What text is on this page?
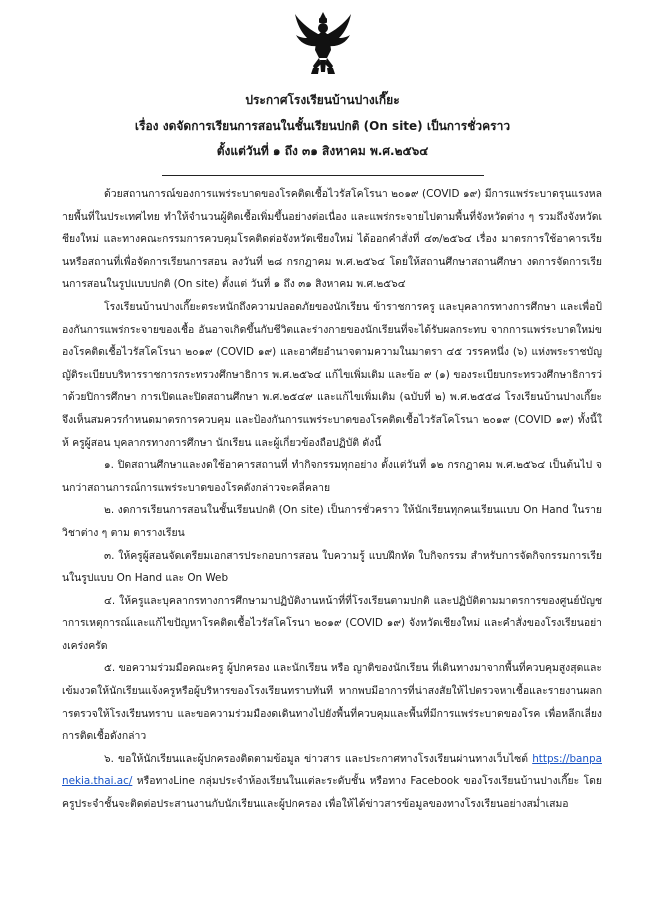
ประกาศโรงเรียนบ้านปางเกี๊ยะ
เรื่อง งดจัดการเรียนการสอนในชั้นเรียนปกติ (On site) เป็นการชั่วคราว
ตั้งแต่วันที่ ๑ ถึง ๓๑ สิงหาคม พ.ศ.๒๕๖๔

ด้วยสถานการณ์ของการแพร่ระบาดของโรคติดเชื้อไวรัสโคโรนา ๒๐๑๙ (COVID ๑๙) มีการแพร่ระบาดรุนแรงหลายพื้นที่ในประเทศไทย ทำให้จำนวนผู้ติดเชื้อเพิ่มขึ้นอย่างต่อเนื่อง และแพร่กระจายไปตามพื้นที่จังหวัดต่าง ๆ รวมถึงจังหวัดเชียงใหม่ และทางคณะกรรมการควบคุมโรคติดต่อจังหวัดเชียงใหม่ ได้ออกคำสั่งที่ ๔๓/๒๕๖๔ เรื่อง มาตรการใช้อาคารเรียนหรือสถานที่เพื่อจัดการเรียนการสอน ลงวันที่ ๒๘ กรกฎาคม พ.ศ.๒๕๖๔ โดยให้สถานศึกษาสถานศึกษา งดการจัดการเรียนการสอนในรูปแบบปกติ (On site) ตั้งแต่ วันที่ ๑ ถึง ๓๑ สิงหาคม พ.ศ.๒๕๖๔

โรงเรียนบ้านปางเกี๊ยะตระหนักถึงความปลอดภัยของนักเรียน ข้าราชการครู และบุคลากรทางการศึกษา และเพื่อป้องกันการแพร่กระจายของเชื้อ อันอาจเกิดขึ้นกับชีวิตและร่างกายของนักเรียนที่จะได้รับผลกระทบ จากการแพร่ระบาดใหม่ของโรคติดเชื้อไวรัสโคโรนา ๒๐๑๙ (COVID ๑๙) และอาศัยอำนาจตามความในมาตรา ๔๕ วรรคหนึ่ง (๖) แห่งพระราชบัญญัติระเบียบบริหารราชการกระทรวงศึกษาธิการ พ.ศ.๒๕๖๔ แก้ไขเพิ่มเติม และข้อ ๙ (๑) ของระเบียบกระทรวงศึกษาธิการว่าด้วยปิการศึกษา การเปิดและปิดสถานศึกษา พ.ศ.๒๕๔๙ และแก้ไขเพิ่มเติม (ฉบับที่ ๒) พ.ศ.๒๕๕๘ โรงเรียนบ้านปางเกี๊ยะ จึงเห็นสมควรกำหนดมาตรการควบคุม และป้องกันการแพร่ระบาดของโรคติดเชื้อไวรัสโคโรนา ๒๐๑๙ (COVID ๑๙) ทั้งนี้ให้ ครูผู้สอน บุคลากรทางการศึกษา นักเรียน และผู้เกี่ยวข้องถือปฏิบัติ ดังนี้

๑. ปิดสถานศึกษาและงดใช้อาคารสถานที่ ทำกิจกรรมทุกอย่าง ตั้งแต่วันที่ ๑๒ กรกฎาคม พ.ศ.๒๕๖๔ เป็นต้นไป จนกว่าสถานการณ์การแพร่ระบาดของโรคดังกล่าวจะคลี่คลาย

๒. งดการเรียนการสอนในชั้นเรียนปกติ (On site) เป็นการชั่วคราว ให้นักเรียนทุกคนเรียนแบบ On Hand ในรายวิชาต่าง ๆ ตาม ตารางเรียน

๓. ให้ครูผู้สอนจัดเตรียมเอกสารประกอบการสอน ใบความรู้ แบบฝึกหัด ใบกิจกรรม สำหรับการจัดกิจกรรมการเรียนในรูปแบบ On Hand และ On Web

๔. ให้ครูและบุคลากรทางการศึกษามาปฏิบัติงานหน้าที่ที่โรงเรียนตามปกติ และปฏิบัติตามมาตรการของศูนย์บัญชาการเหตุการณ์และแก้ไขปัญหาโรคติดเชื้อไวรัสโคโรนา ๒๐๑๙ (COVID ๑๙) จังหวัดเชียงใหม่ และคำสั่งของโรงเรียนอย่างเคร่งครัด

๕. ขอความร่วมมือคณะครู ผู้ปกครอง และนักเรียน หรือ ญาติของนักเรียน ที่เดินทางมาจากพื้นที่ควบคุมสูงสุดและเข้มงวดให้นักเรียนแจ้งครูหรือผู้บริหารของโรงเรียนทราบทันที หากพบมีอาการที่น่าสงสัยให้ไปตรวจหาเชื้อและรายงานผลการตรวจให้โรงเรียนทราบ และขอความร่วมมืองดเดินทางไปยังพื้นที่ควบคุมและพื้นที่มีการแพร่ระบาดของโรค เพื่อหลีกเลี่ยงการติดเชื้อดังกล่าว

๖. ขอให้นักเรียนและผู้ปกครองติดตามข้อมูล ข่าวสาร และประกาศทางโรงเรียนผ่านทางเว็บไซต์ https://banpanekia.thai.ac/ หรือทางLine กลุ่มประจำห้องเรียนในแต่ละระดับชั้น หรือทาง Facebook ของโรงเรียนบ้านปางเกี๊ยะ โดยครูประจำชั้นจะติดต่อประสานงานกับนักเรียนและผู้ปกครอง เพื่อให้ได้ข่าวสารข้อมูลของทางโรงเรียนอย่างสม่ำเสมอ
